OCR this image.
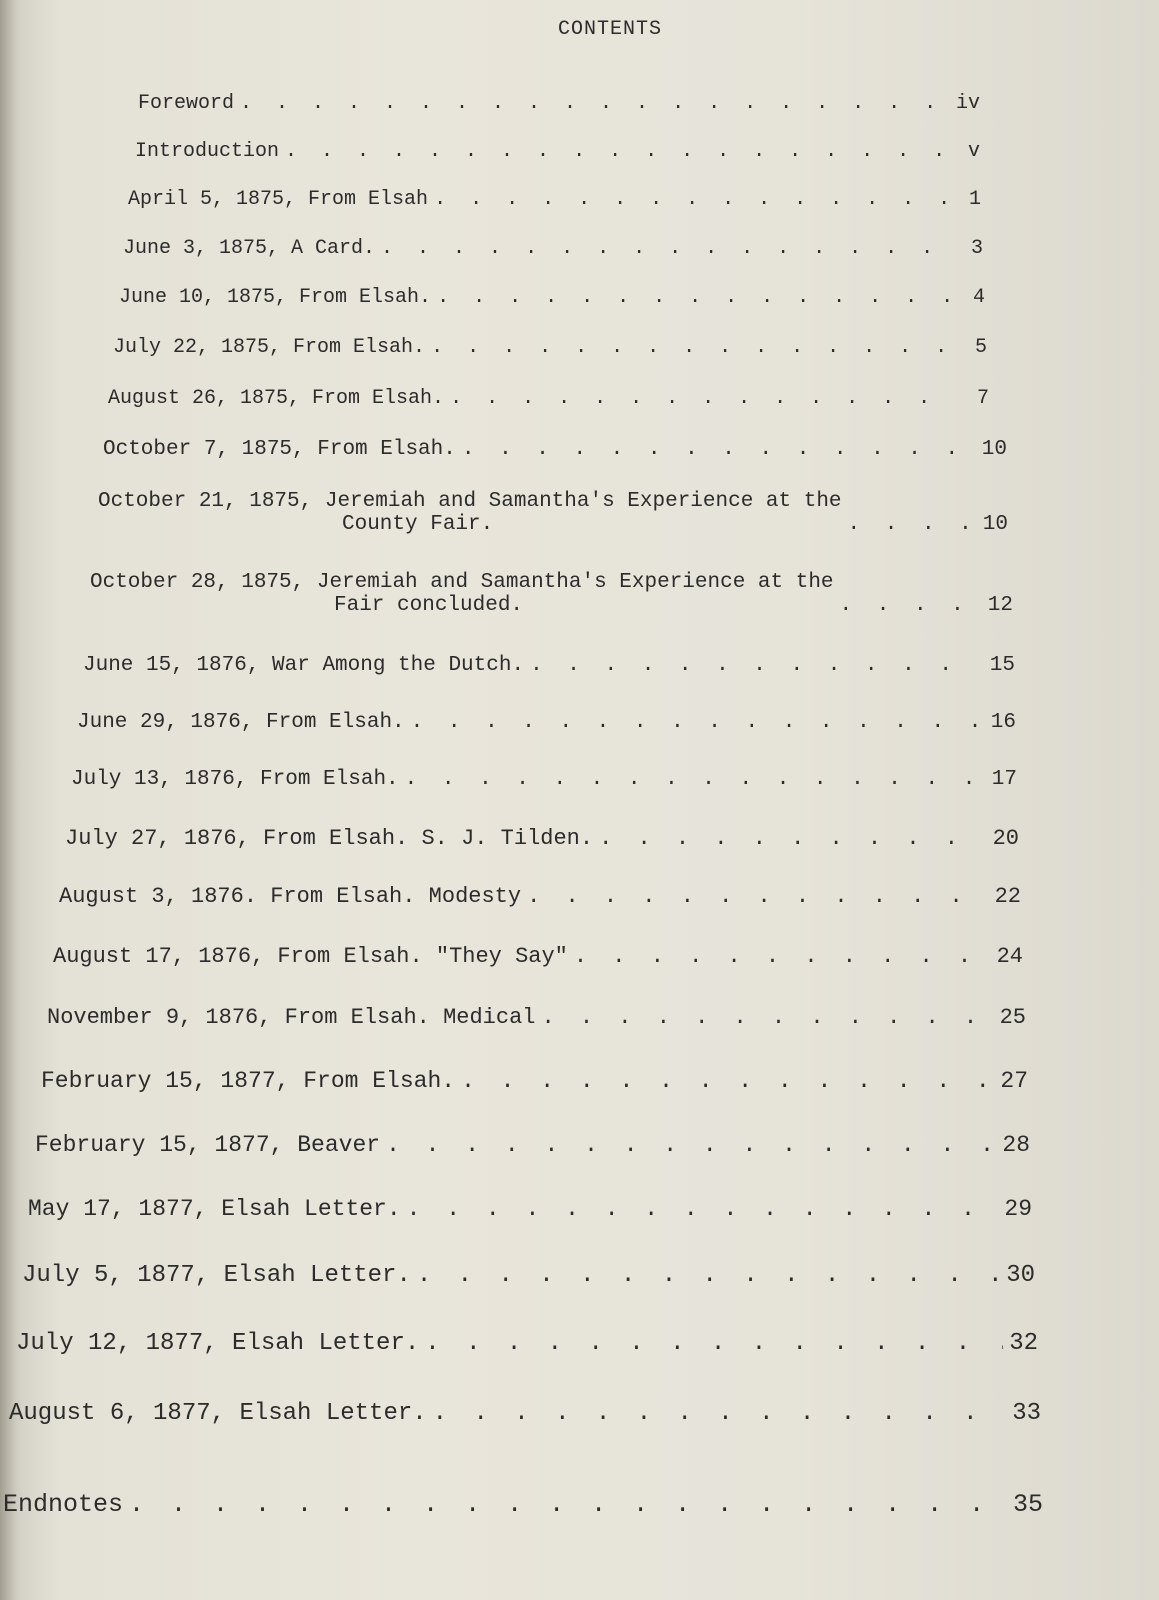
CONTENTS
Foreword . . .	iv
Introduction . . .	v
April 5, 1875, From Elsah . . .	1
June 3, 1875, A Card. . . .	3
June 10, 1875, From Elsah. . . .	4
July 22, 1875, From Elsah. . . .	5
August 26, 1875, From Elsah. . . .	7
October 7, 1875, From Elsah. . . .	10
October 21, 1875, Jeremiah and Samantha's Experience at the
County Fair. . . .	10
October 28, 1875, Jeremiah and Samantha's Experience at the
Fair concluded. . . .	12
June 15, 1876, War Among the Dutch. . . .	15
June 29, 1876, From Elsah. . . .	16
July 13, 1876, From Elsah. . . .	17
July 27, 1876, From Elsah. S. J. Tilden. . . .	20
August 3, 1876. From Elsah. Modesty . . .	22
August 17, 1876, From Elsah. "They Say" . . .	24
November 9, 1876, From Elsah. Medical . . .	25
February 15, 1877, From Elsah. . . .	27
February 15, 1877, Beaver . . .	28
May 17, 1877, Elsah Letter. . . .	29
July 5, 1877, Elsah Letter. . . .	30
July 12, 1877, Elsah Letter. . . .	32
August 6, 1877, Elsah Letter. . . .	33
Endnotes . . .	35
